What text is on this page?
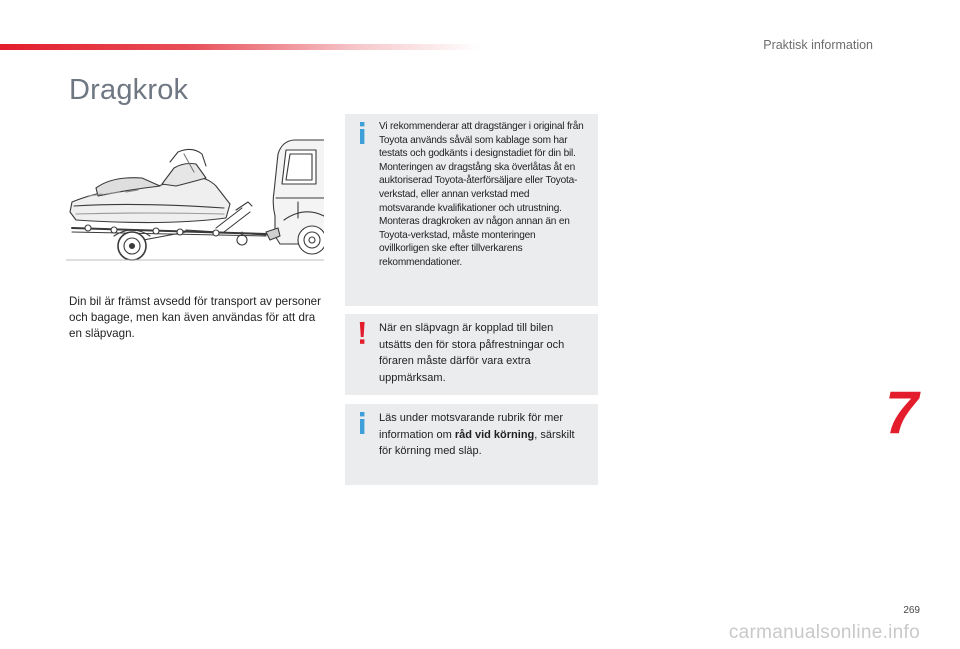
Praktisk information
Dragkrok

Din bil är främst avsedd för transport av personer och bagage, men kan även användas för att dra en släpvagn.

Vi rekommenderar att dragstänger i original från Toyota används såväl som kablage som har testats och godkänts i designstadiet för din bil. Monteringen av dragstång ska överlåtas åt en auktoriserad Toyota-återförsäljare eller Toyota-verkstad, eller annan verkstad med motsvarande kvalifikationer och utrustning.
Monteras dragkroken av någon annan än en Toyota-verkstad, måste monteringen ovillkorligen ske efter tillverkarens rekommendationer.
När en släpvagn är kopplad till bilen utsätts den för stora påfrestningar och föraren måste därför vara extra uppmärksam.
Läs under motsvarande rubrik för mer information om råd vid körning, särskilt för körning med släp.
7
269
carmanualsonline.info
